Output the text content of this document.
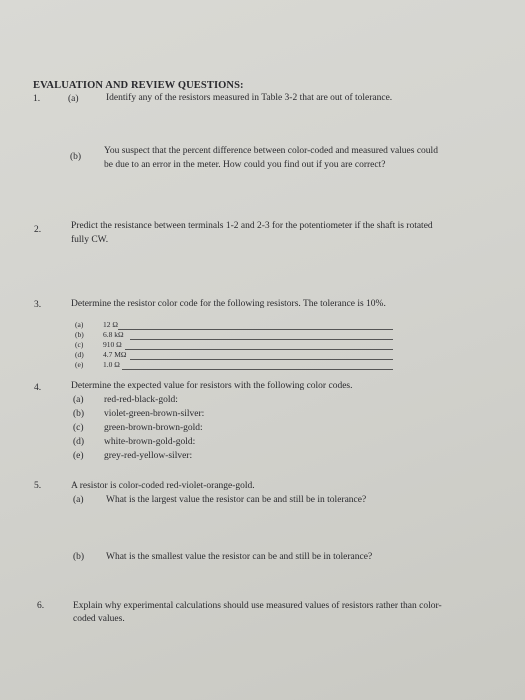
EVALUATION AND REVIEW QUESTIONS:
1.	(a)	Identify any of the resistors measured in Table 3-2 that are out of tolerance.
(b)
You suspect that the percent difference between color-coded and measured values could
be due to an error in the meter. How could you find out if you are correct?
2.	Predict the resistance between terminals 1-2 and 2-3 for the potentiometer if the shaft is rotated
fully CW.
3.	Determine the resistor color code for the following resistors. The tolerance is 10%.
(a)	12 Ω
(b)	6.8 kΩ
(c)	910 Ω
(d)	4.7 MΩ
(e)	1.0 Ω
4.	Determine the expected value for resistors with the following color codes.
(a) red-red-black-gold:
(b) violet-green-brown-silver:
(c) green-brown-brown-gold:
(d) white-brown-gold-gold:
(e) grey-red-yellow-silver:
5.	A resistor is color-coded red-violet-orange-gold.
(a) What is the largest value the resistor can be and still be in tolerance?
(b) What is the smallest value the resistor can be and still be in tolerance?
6.	Explain why experimental calculations should use measured values of resistors rather than color-
coded values.
